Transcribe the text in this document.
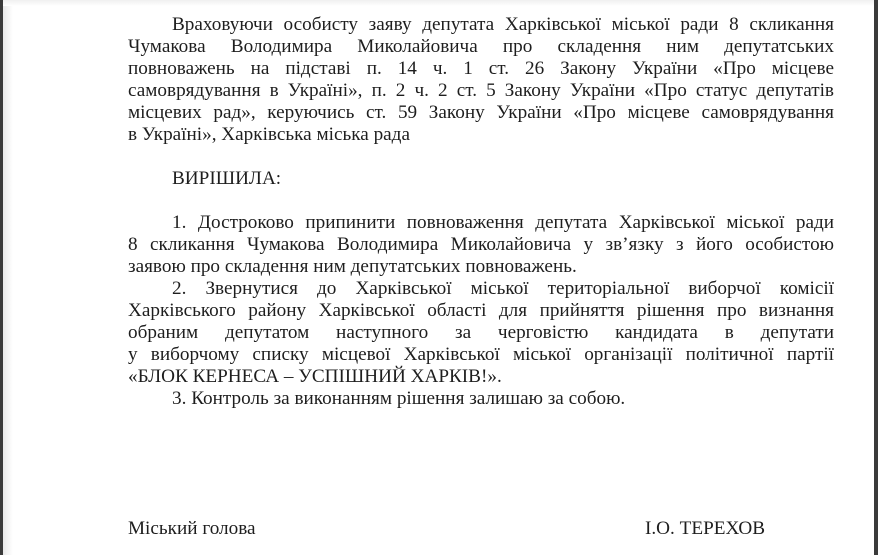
Враховуючи особисту заяву депутата Харківської міської ради 8 скликання
Чумакова Володимира Миколайовича про складення ним депутатських
повноважень на підставі п. 14 ч. 1 ст. 26 Закону України «Про місцеве
самоврядування в Україні», п. 2 ч. 2 ст. 5 Закону України «Про статус депутатів
місцевих рад», керуючись ст. 59 Закону України «Про місцеве самоврядування
в Україні», Харківська міська рада
ВИРІШИЛА:
1. Достроково припинити повноваження депутата Харківської міської ради
8 скликання Чумакова Володимира Миколайовича у зв’язку з його особистою
заявою про складення ним депутатських повноважень.
2. Звернутися до Харківської міської територіальної виборчої комісії
Харківського району Харківської області для прийняття рішення про визнання
обраним депутатом наступного за черговістю кандидата в депутати
у виборчому списку місцевої Харківської міської організації політичної партії
«БЛОК КЕРНЕСА – УСПІШНИЙ ХАРКІВ!».
3. Контроль за виконанням рішення залишаю за собою.
Міський голова	І.О. ТЕРЕХОВ
